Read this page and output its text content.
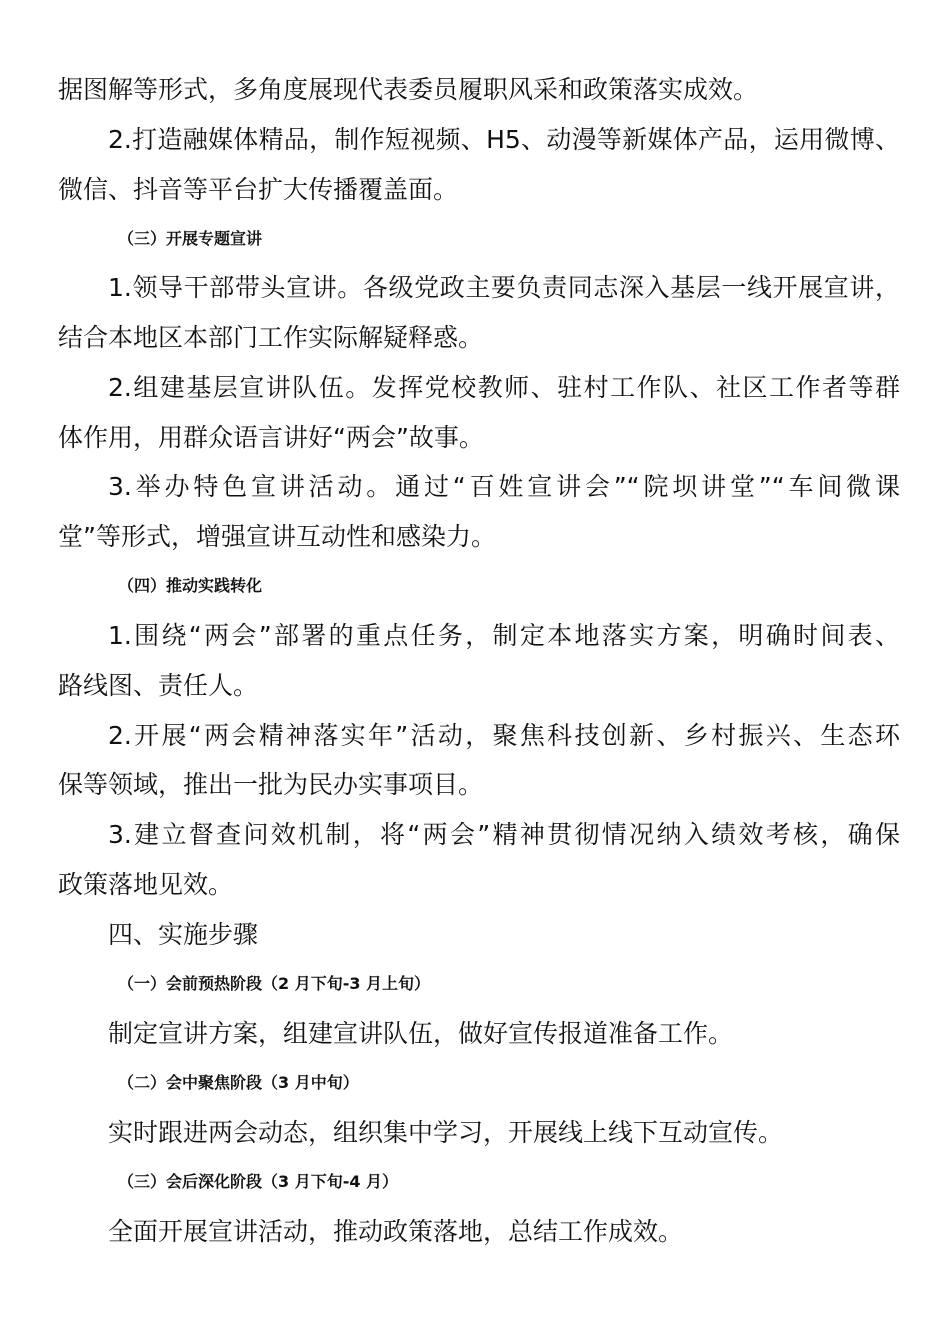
据图解等形式，多角度展现代表委员履职风采和政策落实成效。
2.打造融媒体精品，制作短视频、H5、动漫等新媒体产品，运用微博、
微信、抖音等平台扩大传播覆盖面。
（三）开展专题宣讲
1.领导干部带头宣讲。各级党政主要负责同志深入基层一线开展宣讲，
结合本地区本部门工作实际解疑释惑。
2.组建基层宣讲队伍。发挥党校教师、驻村工作队、社区工作者等群
体作用，用群众语言讲好“两会”故事。
3.举办特色宣讲活动。通过“百姓宣讲会”“院坝讲堂”“车间微课
堂”等形式，增强宣讲互动性和感染力。
（四）推动实践转化
1.围绕“两会”部署的重点任务，制定本地落实方案，明确时间表、
路线图、责任人。
2.开展“两会精神落实年”活动，聚焦科技创新、乡村振兴、生态环
保等领域，推出一批为民办实事项目。
3.建立督查问效机制，将“两会”精神贯彻情况纳入绩效考核，确保
政策落地见效。
四、实施步骤
（一）会前预热阶段（2 月下旬-3 月上旬）
制定宣讲方案，组建宣讲队伍，做好宣传报道准备工作。
（二）会中聚焦阶段（3 月中旬）
实时跟进两会动态，组织集中学习，开展线上线下互动宣传。
（三）会后深化阶段（3 月下旬-4 月）
全面开展宣讲活动，推动政策落地，总结工作成效。
